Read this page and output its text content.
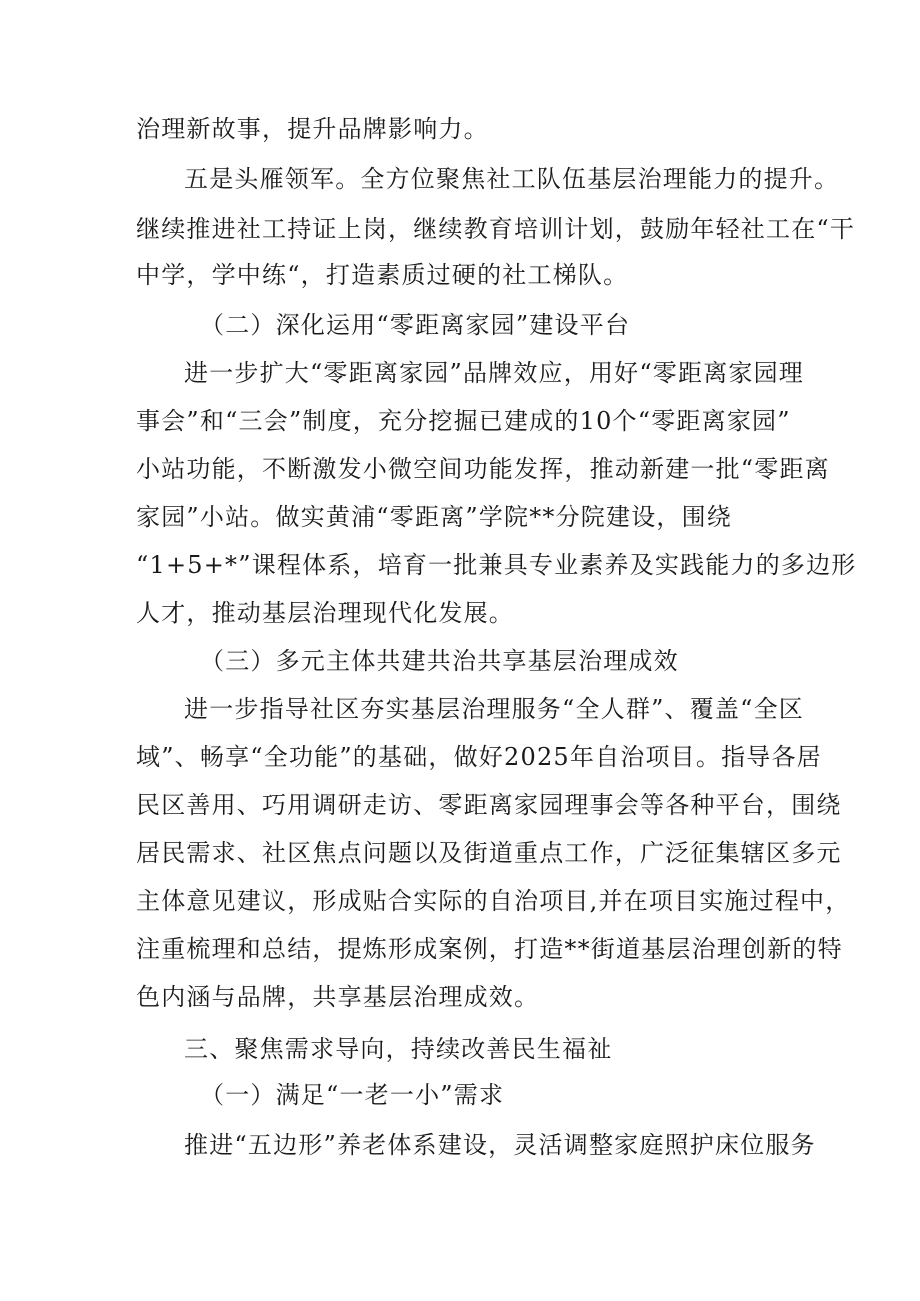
治理新故事，提升品牌影响力。
五是头雁领军。全方位聚焦社工队伍基层治理能力的提升。
继续推进社工持证上岗，继续教育培训计划，鼓励年轻社工在“干
中学，学中练“，打造素质过硬的社工梯队。
（二）深化运用“零距离家园”建设平台
进一步扩大“零距离家园”品牌效应，用好“零距离家园理
事会”和“三会”制度，充分挖掘已建成的10个“零距离家园”
小站功能，不断激发小微空间功能发挥，推动新建一批“零距离
家园”小站。做实黄浦“零距离”学院**分院建设，围绕
“1+5+*”课程体系，培育一批兼具专业素养及实践能力的多边形
人才，推动基层治理现代化发展。
（三）多元主体共建共治共享基层治理成效
进一步指导社区夯实基层治理服务“全人群”、覆盖“全区
域”、畅享“全功能”的基础，做好2025年自治项目。指导各居
民区善用、巧用调研走访、零距离家园理事会等各种平台，围绕
居民需求、社区焦点问题以及街道重点工作，广泛征集辖区多元
主体意见建议，形成贴合实际的自治项目,并在项目实施过程中，
注重梳理和总结，提炼形成案例，打造**街道基层治理创新的特
色内涵与品牌，共享基层治理成效。
三、聚焦需求导向，持续改善民生福祉
（一）满足“一老一小”需求
推进“五边形”养老体系建设，灵活调整家庭照护床位服务
